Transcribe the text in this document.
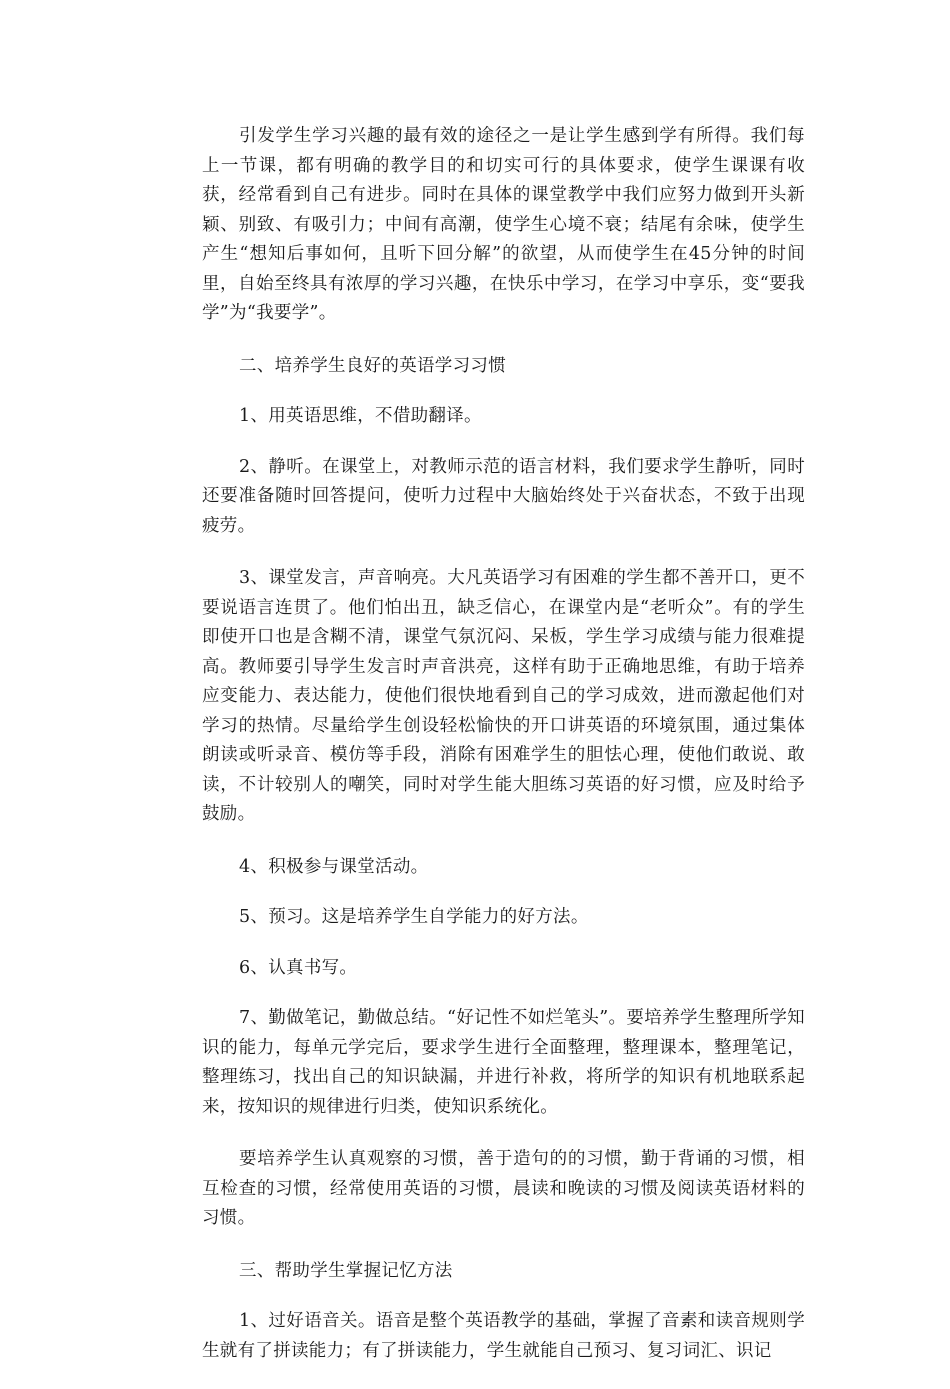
引发学生学习兴趣的最有效的途径之一是让学生感到学有所得。我们每上一节课，都有明确的教学目的和切实可行的具体要求，使学生课课有收获，经常看到自己有进步。同时在具体的课堂教学中我们应努力做到开头新颖、别致、有吸引力；中间有高潮，使学生心境不衰；结尾有余味，使学生产生“想知后事如何，且听下回分解”的欲望，从而使学生在45分钟的时间里，自始至终具有浓厚的学习兴趣，在快乐中学习，在学习中享乐，变“要我学”为“我要学”。

二、培养学生良好的英语学习习惯

1、用英语思维，不借助翻译。

2、静听。在课堂上，对教师示范的语言材料，我们要求学生静听，同时还要准备随时回答提问，使听力过程中大脑始终处于兴奋状态，不致于出现疲劳。

3、课堂发言，声音响亮。大凡英语学习有困难的学生都不善开口，更不要说语言连贯了。他们怕出丑，缺乏信心，在课堂内是“老听众”。有的学生即使开口也是含糊不清，课堂气氛沉闷、呆板，学生学习成绩与能力很难提高。教师要引导学生发言时声音洪亮，这样有助于正确地思维，有助于培养应变能力、表达能力，使他们很快地看到自己的学习成效，进而激起他们对学习的热情。尽量给学生创设轻松愉快的开口讲英语的环境氛围，通过集体朗读或听录音、模仿等手段，消除有困难学生的胆怯心理，使他们敢说、敢读，不计较别人的嘲笑，同时对学生能大胆练习英语的好习惯，应及时给予鼓励。

4、积极参与课堂活动。

5、预习。这是培养学生自学能力的好方法。

6、认真书写。

7、勤做笔记，勤做总结。“好记性不如烂笔头”。要培养学生整理所学知识的能力，每单元学完后，要求学生进行全面整理，整理课本，整理笔记，整理练习，找出自己的知识缺漏，并进行补救，将所学的知识有机地联系起来，按知识的规律进行归类，使知识系统化。

要培养学生认真观察的习惯，善于造句的的习惯，勤于背诵的习惯，相互检查的习惯，经常使用英语的习惯，晨读和晚读的习惯及阅读英语材料的习惯。

三、帮助学生掌握记忆方法

1、过好语音关。语音是整个英语教学的基础，掌握了音素和读音规则学生就有了拼读能力；有了拼读能力，学生就能自己预习、复习词汇、识记
